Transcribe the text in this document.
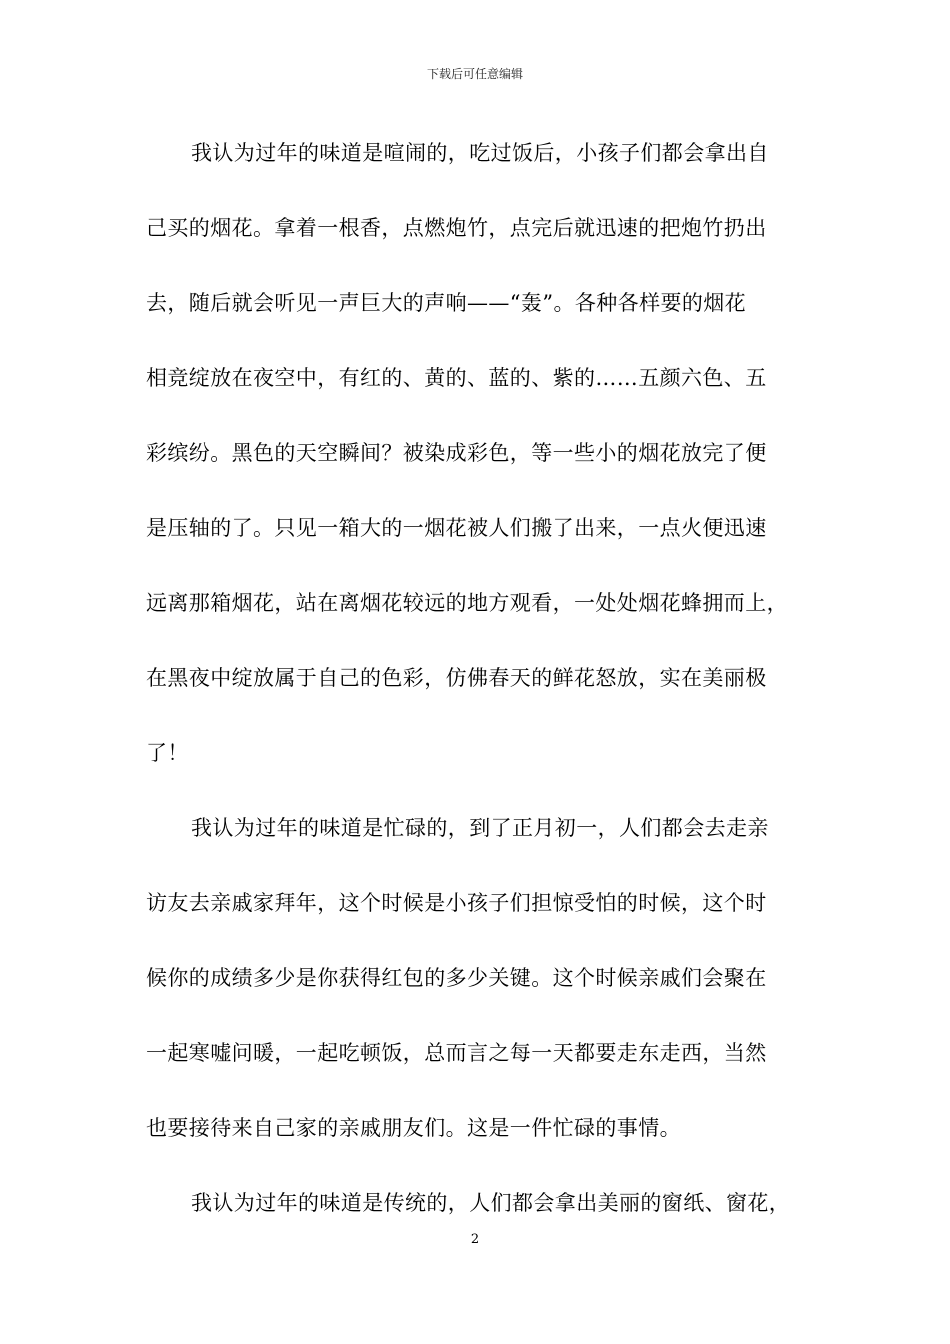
下载后可任意编辑
我认为过年的味道是喧闹的，吃过饭后，小孩子们都会拿出自
己买的烟花。拿着一根香，点燃炮竹，点完后就迅速的把炮竹扔出
去，随后就会听见一声巨大的声响——“轰”。各种各样要的烟花
相竞绽放在夜空中，有红的、黄的、蓝的、紫的……五颜六色、五
彩缤纷。黑色的天空瞬间？被染成彩色，等一些小的烟花放完了便
是压轴的了。只见一箱大的一烟花被人们搬了出来，一点火便迅速
远离那箱烟花，站在离烟花较远的地方观看，一处处烟花蜂拥而上，
在黑夜中绽放属于自己的色彩，仿佛春天的鲜花怒放，实在美丽极
了！
我认为过年的味道是忙碌的，到了正月初一，人们都会去走亲
访友去亲戚家拜年，这个时候是小孩子们担惊受怕的时候，这个时
候你的成绩多少是你获得红包的多少关键。这个时候亲戚们会聚在
一起寒嘘问暖，一起吃顿饭，总而言之每一天都要走东走西，当然
也要接待来自己家的亲戚朋友们。这是一件忙碌的事情。
我认为过年的味道是传统的，人们都会拿出美丽的窗纸、窗花，
2
